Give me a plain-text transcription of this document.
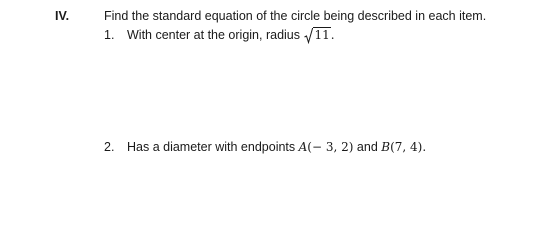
IV.	Find the standard equation of the circle being described in each item.
1. With center at the origin, radius
11.
2. Has a diameter with endpoints A(− 3, 2) and B(7, 4).
